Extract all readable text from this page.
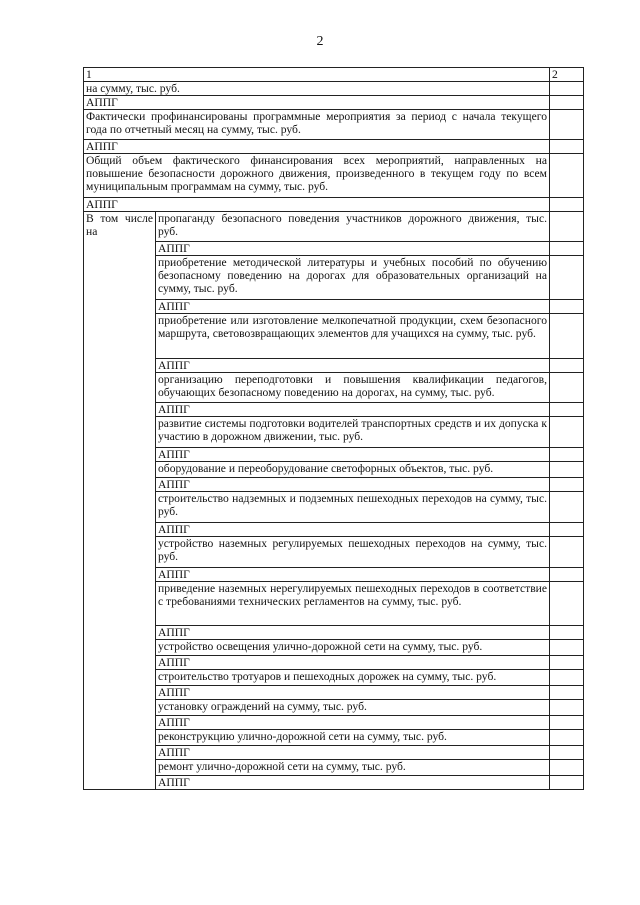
2
1		2
на сумму, тыс. руб.		
АППГ		
Фактически профинансированы программные мероприятия за период с начала текущего года по отчетный месяц на сумму, тыс. руб.		
АППГ		
Общий объем фактического финансирования всех мероприятий, направленных на повышение безопасности дорожного движения, произведенного в текущем году по всем муниципальным программам на сумму, тыс. руб.		
АППГ		
В том числе на	пропаганду безопасного поведения участников дорожного движения, тыс. руб.	
	АППГ	
	приобретение методической литературы и учебных пособий по обучению безопасному поведению на дорогах для образовательных организаций на сумму, тыс. руб.	
	АППГ	
	приобретение или изготовление мелкопечатной продукции, схем безопасного маршрута, световозвращающих элементов для учащихся на сумму, тыс. руб.	
	АППГ	
	организацию переподготовки и повышения квалификации педагогов, обучающих безопасному поведению на дорогах, на сумму, тыс. руб.	
	АППГ	
	развитие системы подготовки водителей транспортных средств и их допуска к участию в дорожном движении, тыс. руб.	
	АППГ	
	оборудование и переоборудование светофорных объектов, тыс. руб.	
	АППГ	
	строительство надземных и подземных пешеходных переходов на сумму, тыс. руб.	
	АППГ	
	устройство наземных регулируемых пешеходных переходов на сумму, тыс. руб.	
	АППГ	
	приведение наземных нерегулируемых пешеходных переходов в соответствие с требованиями технических регламентов на сумму, тыс. руб.	
	АППГ	
	устройство освещения улично-дорожной сети на сумму, тыс. руб.	
	АППГ	
	строительство тротуаров и пешеходных дорожек на сумму, тыс. руб.	
	АППГ	
	установку ограждений на сумму, тыс. руб.	
	АППГ	
	реконструкцию улично-дорожной сети на сумму, тыс. руб.	
	АППГ	
	ремонт улично-дорожной сети на сумму, тыс. руб.	
	АППГ	
